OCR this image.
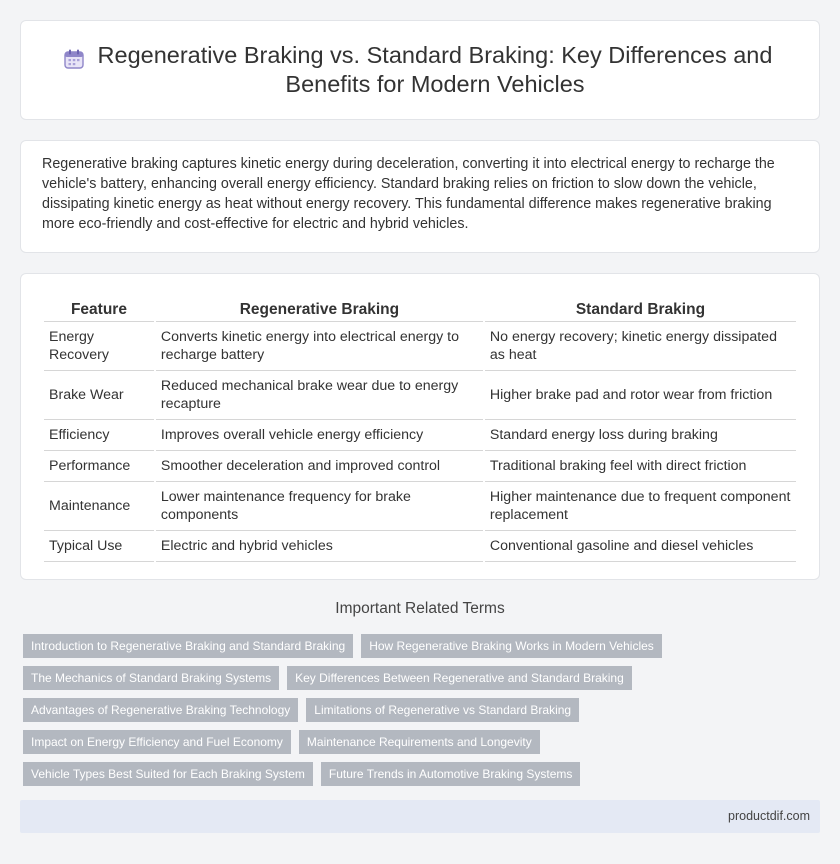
Regenerative Braking vs. Standard Braking: Key Differences and Benefits for Modern Vehicles

Regenerative braking captures kinetic energy during deceleration, converting it into electrical energy to recharge the vehicle's battery, enhancing overall energy efficiency. Standard braking relies on friction to slow down the vehicle, dissipating kinetic energy as heat without energy recovery. This fundamental difference makes regenerative braking more eco-friendly and cost-effective for electric and hybrid vehicles.

Feature	Regenerative Braking	Standard Braking
Energy Recovery	Converts kinetic energy into electrical energy to recharge battery	No energy recovery; kinetic energy dissipated as heat
Brake Wear	Reduced mechanical brake wear due to energy recapture	Higher brake pad and rotor wear from friction
Efficiency	Improves overall vehicle energy efficiency	Standard energy loss during braking
Performance	Smoother deceleration and improved control	Traditional braking feel with direct friction
Maintenance	Lower maintenance frequency for brake components	Higher maintenance due to frequent component replacement
Typical Use	Electric and hybrid vehicles	Conventional gasoline and diesel vehicles
Important Related Terms
Introduction to Regenerative Braking and Standard Braking	How Regenerative Braking Works in Modern Vehicles
The Mechanics of Standard Braking Systems	Key Differences Between Regenerative and Standard Braking
Advantages of Regenerative Braking Technology	Limitations of Regenerative vs Standard Braking
Impact on Energy Efficiency and Fuel Economy	Maintenance Requirements and Longevity
Vehicle Types Best Suited for Each Braking System	Future Trends in Automotive Braking Systems
productdif.com
